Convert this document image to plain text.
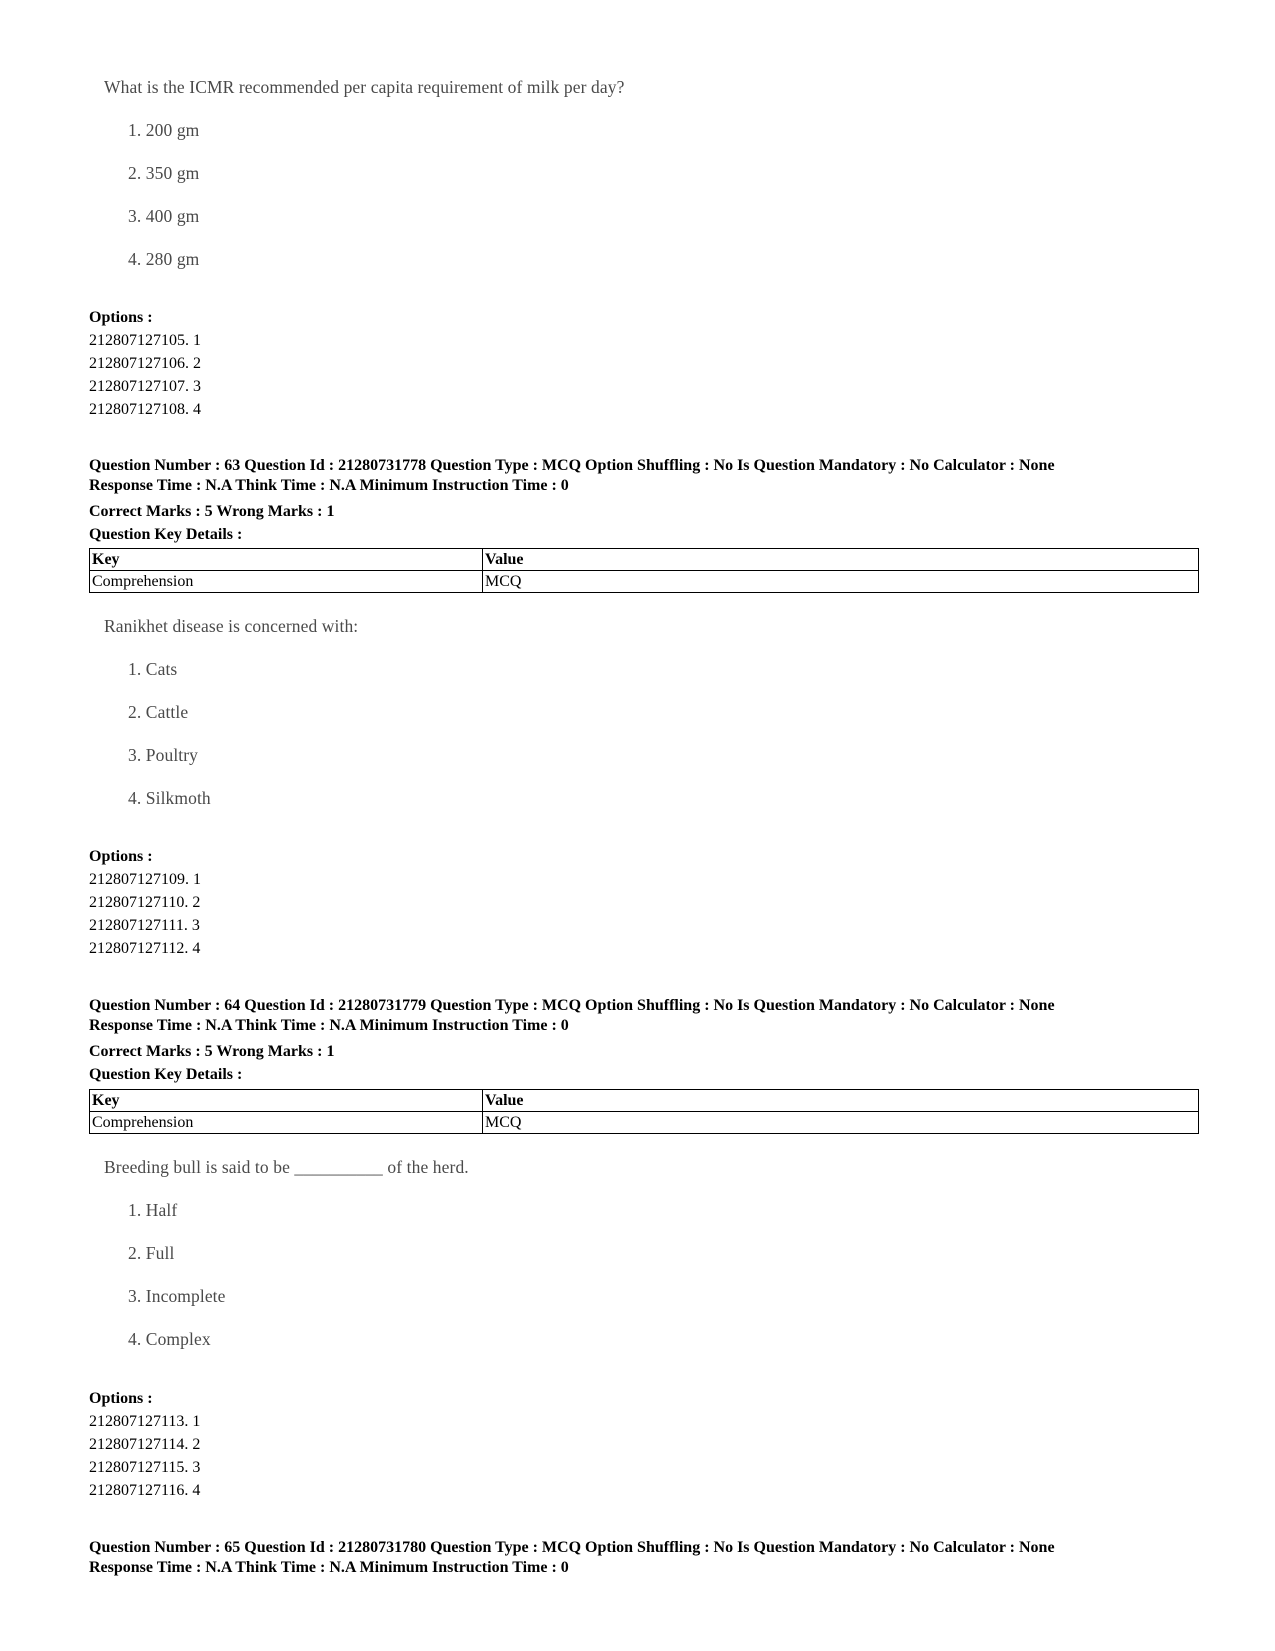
What is the ICMR recommended per capita requirement of milk per day?
1. 200 gm
2. 350 gm
3. 400 gm
4. 280 gm
Options :
212807127105. 1
212807127106. 2
212807127107. 3
212807127108. 4
Question Number : 63 Question Id : 21280731778 Question Type : MCQ Option Shuffling : No Is Question Mandatory : No Calculator : None
Response Time : N.A Think Time : N.A Minimum Instruction Time : 0
Correct Marks : 5 Wrong Marks : 1
Question Key Details :
Key	Value
Comprehension	MCQ
Ranikhet disease is concerned with:
1. Cats
2. Cattle
3. Poultry
4. Silkmoth
Options :
212807127109. 1
212807127110. 2
212807127111. 3
212807127112. 4
Question Number : 64 Question Id : 21280731779 Question Type : MCQ Option Shuffling : No Is Question Mandatory : No Calculator : None
Response Time : N.A Think Time : N.A Minimum Instruction Time : 0
Correct Marks : 5 Wrong Marks : 1
Question Key Details :
Key	Value
Comprehension	MCQ
Breeding bull is said to be __________ of the herd.
1. Half
2. Full
3. Incomplete
4. Complex
Options :
212807127113. 1
212807127114. 2
212807127115. 3
212807127116. 4
Question Number : 65 Question Id : 21280731780 Question Type : MCQ Option Shuffling : No Is Question Mandatory : No Calculator : None
Response Time : N.A Think Time : N.A Minimum Instruction Time : 0
